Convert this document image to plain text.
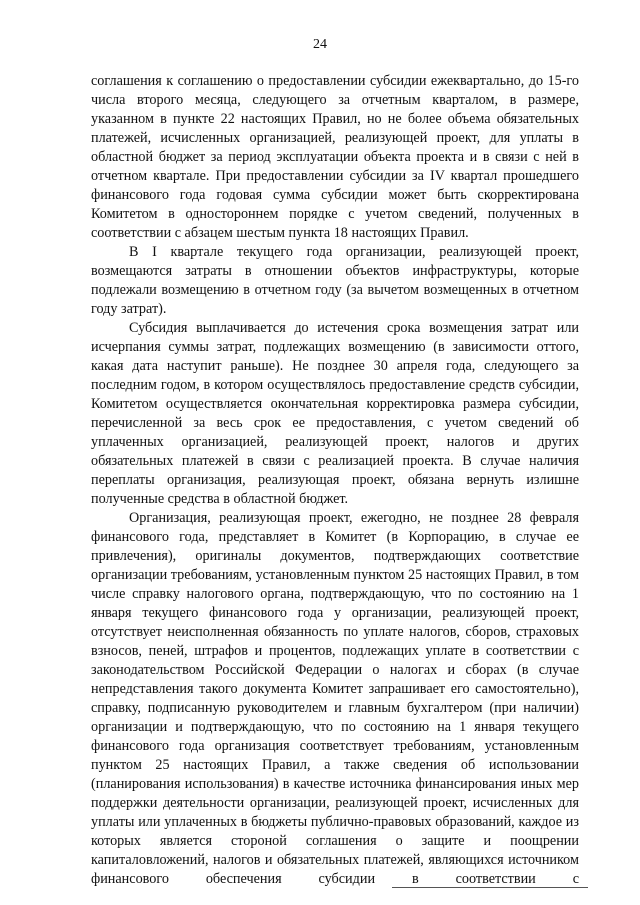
24

соглашения к соглашению о предоставлении субсидии ежеквартально, до 15-го числа второго месяца, следующего за отчетным кварталом, в размере, указанном в пункте 22 настоящих Правил, но не более объема обязательных платежей, исчисленных организацией, реализующей проект, для уплаты в областной бюджет за период эксплуатации объекта проекта и в связи с ней в отчетном квартале. При предоставлении субсидии за IV квартал прошедшего финансового года годовая сумма субсидии может быть скорректирована Комитетом в одностороннем порядке с учетом сведений, полученных в соответствии с абзацем шестым пункта 18 настоящих Правил.

В I квартале текущего года организации, реализующей проект, возмещаются затраты в отношении объектов инфраструктуры, которые подлежали возмещению в отчетном году (за вычетом возмещенных в отчетном году затрат).

Субсидия выплачивается до истечения срока возмещения затрат или исчерпания суммы затрат, подлежащих возмещению (в зависимости оттого, какая дата наступит раньше). Не позднее 30 апреля года, следующего за последним годом, в котором осуществлялось предоставление средств субсидии, Комитетом осуществляется окончательная корректировка размера субсидии, перечисленной за весь срок ее предоставления, с учетом сведений об уплаченных организацией, реализующей проект, налогов и других обязательных платежей в связи с реализацией проекта. В случае наличия переплаты организация, реализующая проект, обязана вернуть излишне полученные средства в областной бюджет.

Организация, реализующая проект, ежегодно, не позднее 28 февраля финансового года, представляет в Комитет (в Корпорацию, в случае ее привлечения), оригиналы документов, подтверждающих соответствие организации требованиям, установленным пунктом 25 настоящих Правил, в том числе справку налогового органа, подтверждающую, что по состоянию на 1 января текущего финансового года у организации, реализующей проект, отсутствует неисполненная обязанность по уплате налогов, сборов, страховых взносов, пеней, штрафов и процентов, подлежащих уплате в соответствии с законодательством Российской Федерации о налогах и сборах (в случае непредставления такого документа Комитет запрашивает его самостоятельно), справку, подписанную руководителем и главным бухгалтером (при наличии) организации и подтверждающую, что по состоянию на 1 января текущего финансового года организация соответствует требованиям, установленным пунктом 25 настоящих Правил, а также сведения об использовании (планирования использования) в качестве источника финансирования иных мер поддержки деятельности организации, реализующей проект, исчисленных для уплаты или уплаченных в бюджеты публично-правовых образований, каждое из которых является стороной соглашения о защите и поощрении капиталовложений, налогов и обязательных платежей, являющихся источником финансового обеспечения субсидии в соответствии с
